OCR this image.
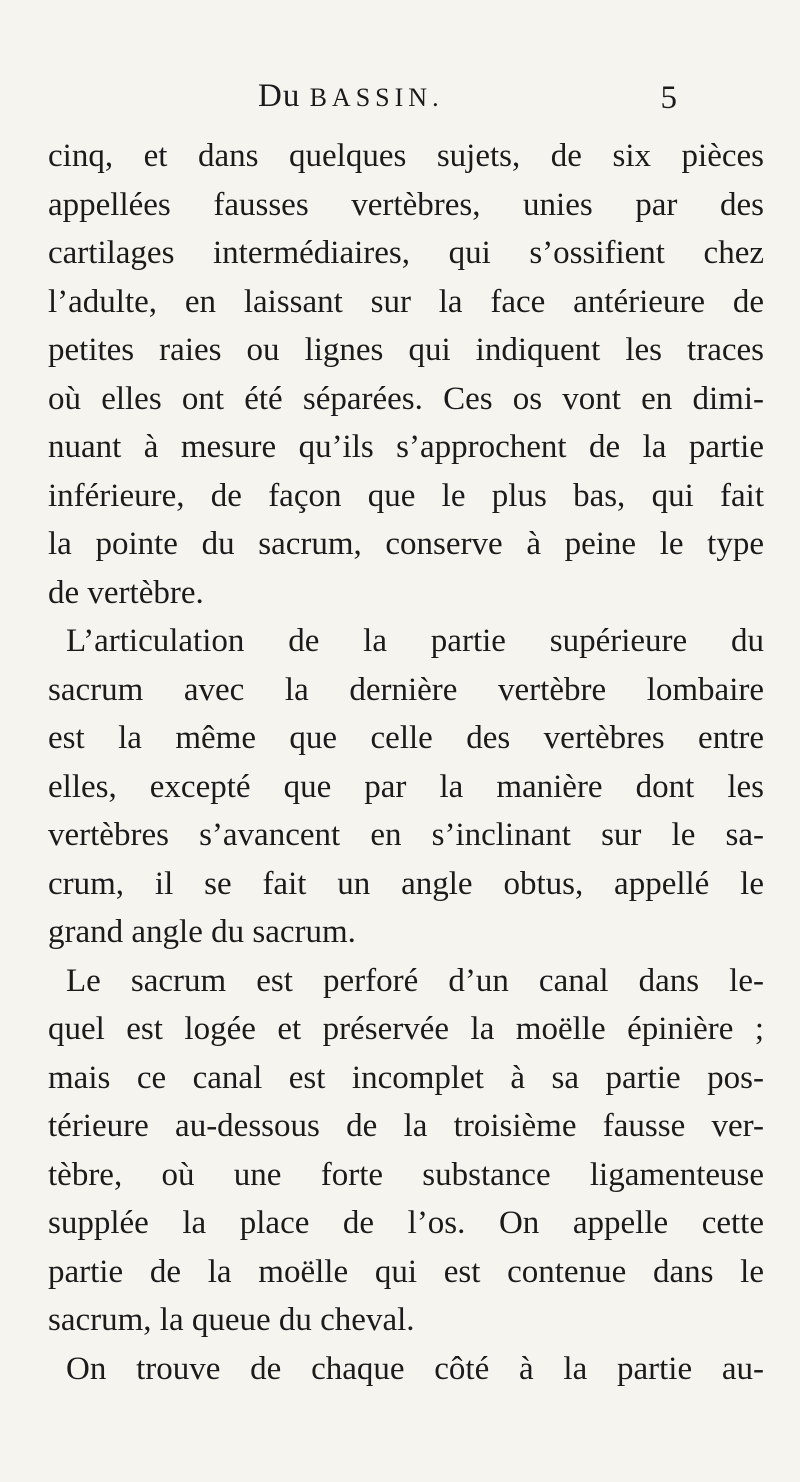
Du BASSIN.	5
cinq, et dans quelques sujets, de six pièces
appellées fausses vertèbres, unies par des
cartilages intermédiaires, qui s’ossifient chez
l’adulte, en laissant sur la face antérieure de
petites raies ou lignes qui indiquent les traces
où elles ont été séparées. Ces os vont en dimi-
nuant à mesure qu’ils s’approchent de la partie
inférieure, de façon que le plus bas, qui fait
la pointe du sacrum, conserve à peine le type
de vertèbre.
L’articulation de la partie supérieure du
sacrum avec la dernière vertèbre lombaire
est la même que celle des vertèbres entre
elles, excepté que par la manière dont les
vertèbres s’avancent en s’inclinant sur le sa-
crum, il se fait un angle obtus, appellé le
grand angle du sacrum.
Le sacrum est perforé d’un canal dans le-
quel est logée et préservée la moëlle épinière ;
mais ce canal est incomplet à sa partie pos-
térieure au-dessous de la troisième fausse ver-
tèbre, où une forte substance ligamenteuse
supplée la place de l’os. On appelle cette
partie de la moëlle qui est contenue dans le
sacrum, la queue du cheval.
On trouve de chaque côté à la partie au-
